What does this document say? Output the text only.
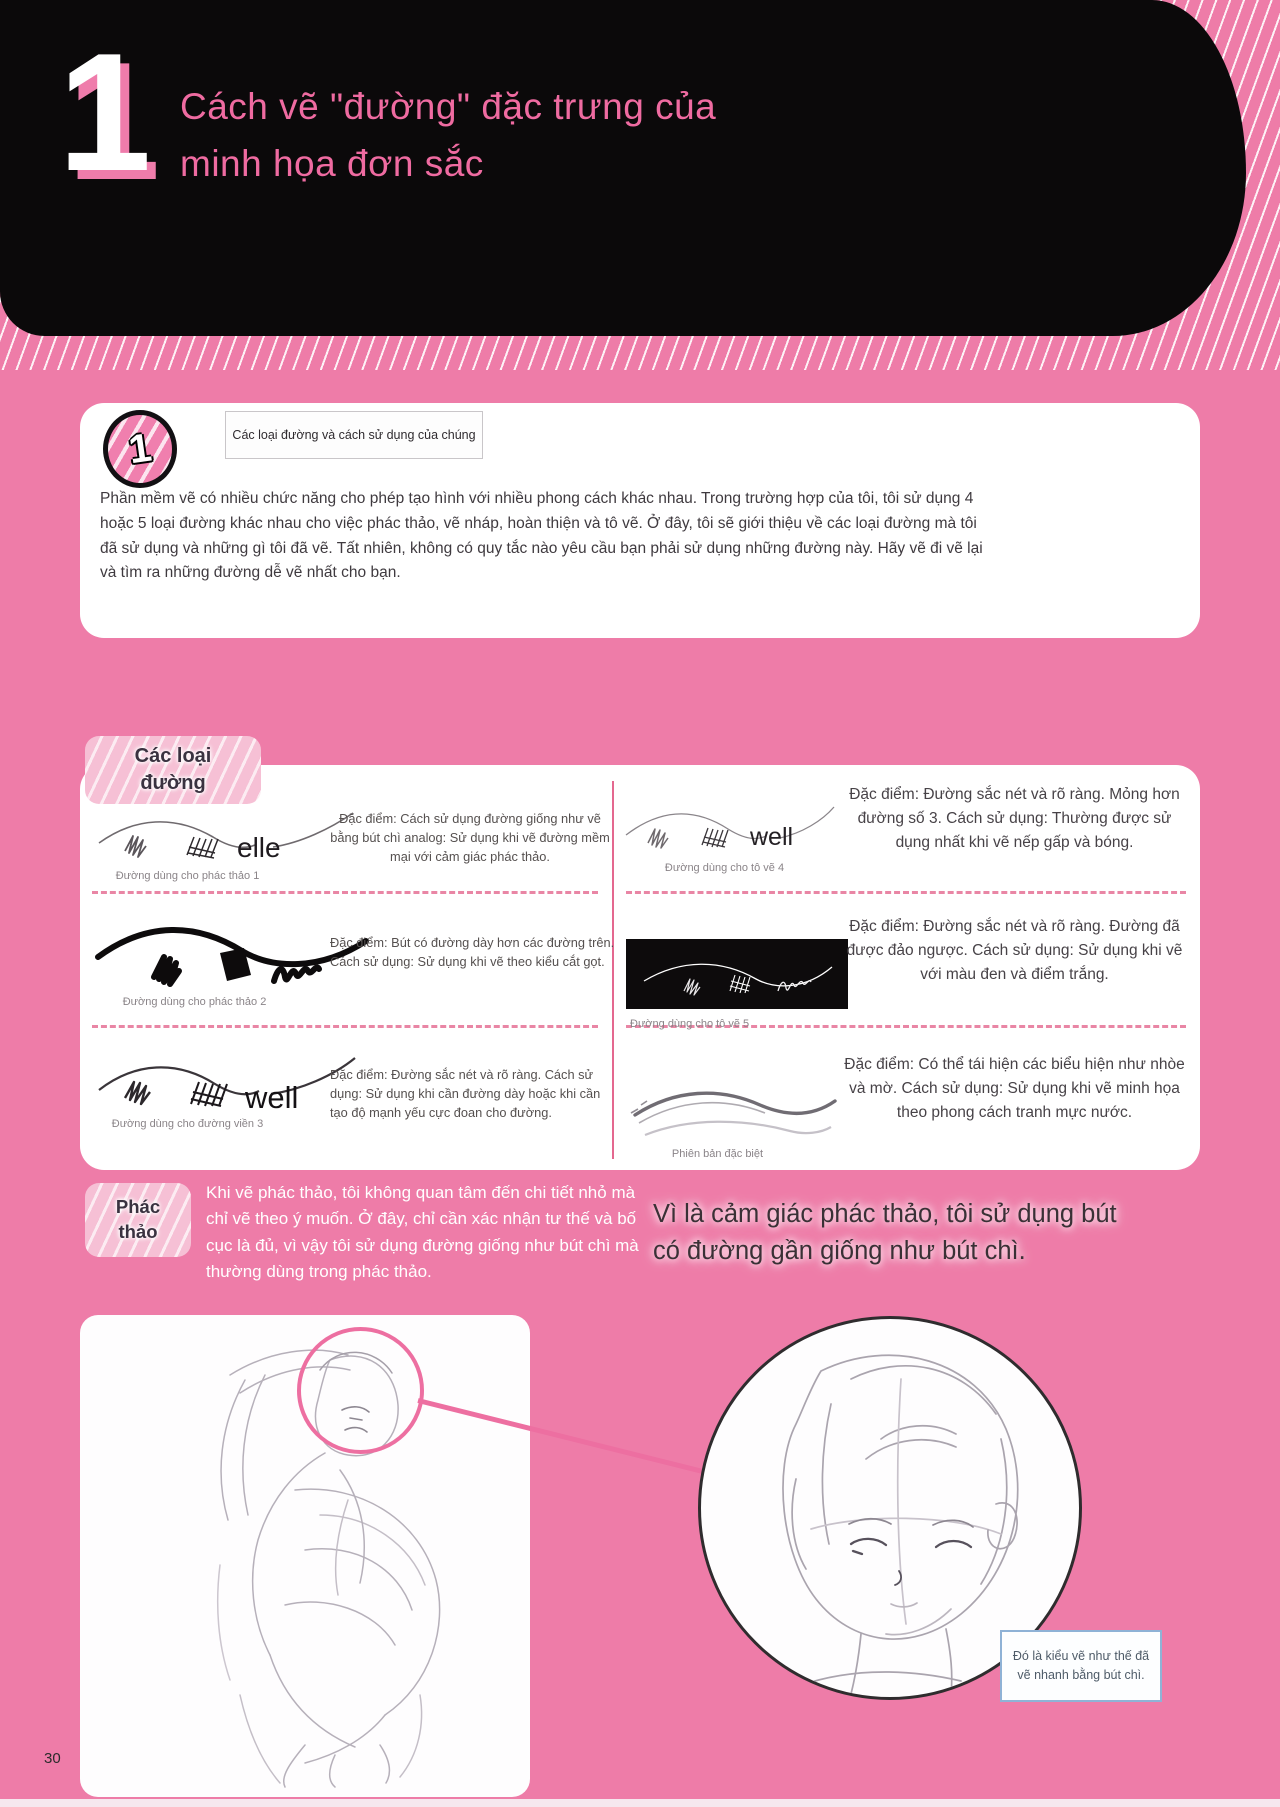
1 Cách vẽ "đường" đặc trưng của
minh họa đơn sắc
1	Các loại đường và cách sử dụng của chúng

Phần mềm vẽ có nhiều chức năng cho phép tạo hình với nhiều phong cách khác nhau. Trong trường hợp của tôi, tôi sử dụng 4 hoặc 5 loại đường khác nhau cho việc phác thảo, vẽ nháp, hoàn thiện và tô vẽ. Ở đây, tôi sẽ giới thiệu về các loại đường mà tôi đã sử dụng và những gì tôi đã vẽ. Tất nhiên, không có quy tắc nào yêu cầu bạn phải sử dụng những đường này. Hãy vẽ đi vẽ lại và tìm ra những đường dễ vẽ nhất cho bạn.

Các loại
đường
elle
Đường dùng cho phác thảo 1

Đặc điểm: Cách sử dụng đường giống như vẽ bằng bút chì analog: Sử dụng khi vẽ đường mềm mại với cảm giác phác thảo.

well
Đường dùng cho tô vẽ 4

Đặc điểm: Đường sắc nét và rõ ràng. Mỏng hơn đường số 3. Cách sử dụng: Thường được sử dụng nhất khi vẽ nếp gấp và bóng.

Đường dùng cho phác thảo 2

Đặc điểm: Bút có đường dày hơn các đường trên. Cách sử dụng: Sử dụng khi vẽ theo kiểu cắt gọt.

Đường dùng cho tô vẽ 5

Đặc điểm: Đường sắc nét và rõ ràng. Đường đã được đảo ngược. Cách sử dụng: Sử dụng khi vẽ với màu đen và điểm trắng.

well
Đường dùng cho đường viền 3

Đặc điểm: Đường sắc nét và rõ ràng. Cách sử dụng: Sử dụng khi cần đường dày hoặc khi cần tạo độ mạnh yếu cực đoan cho đường.

Phiên bản đặc biệt

Đặc điểm: Có thể tái hiện các biểu hiện như nhòe và mờ. Cách sử dụng: Sử dụng khi vẽ minh họa theo phong cách tranh mực nước.

Phác
thảo

Khi vẽ phác thảo, tôi không quan tâm đến chi tiết nhỏ mà chỉ vẽ theo ý muốn. Ở đây, chỉ cần xác nhận tư thế và bố cục là đủ, vì vậy tôi sử dụng đường giống như bút chì mà thường dùng trong phác thảo.

Vì là cảm giác phác thảo, tôi sử dụng bút có đường gần giống như bút chì.

Đó là kiểu vẽ như thế đã vẽ nhanh bằng bút chì.
30
